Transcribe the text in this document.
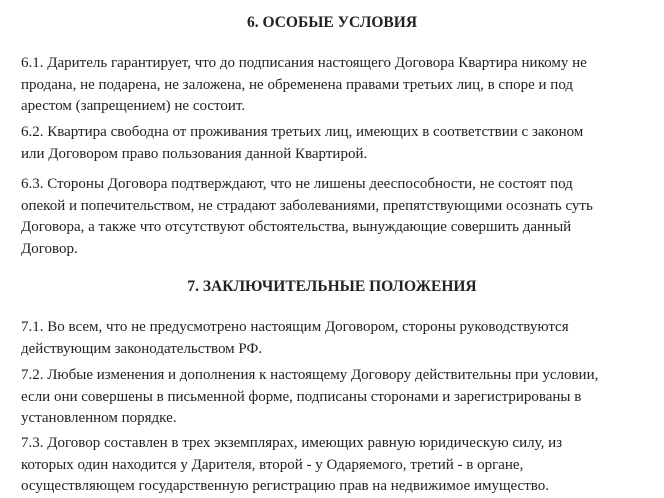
6. ОСОБЫЕ УСЛОВИЯ

6.1. Даритель гарантирует, что до подписания настоящего Договора Квартира никому не
продана, не подарена, не заложена, не обременена правами третьих лиц, в споре и под
арестом (запрещением) не состоит.

6.2. Квартира свободна от проживания третьих лиц, имеющих в соответствии с законом
или Договором право пользования данной Квартирой.

6.3. Стороны Договора подтверждают, что не лишены дееспособности, не состоят под
опекой и попечительством, не страдают заболеваниями, препятствующими осознать суть
Договора, а также что отсутствуют обстоятельства, вынуждающие совершить данный
Договор.

7. ЗАКЛЮЧИТЕЛЬНЫЕ ПОЛОЖЕНИЯ

7.1. Во всем, что не предусмотрено настоящим Договором, стороны руководствуются
действующим законодательством РФ.

7.2. Любые изменения и дополнения к настоящему Договору действительны при условии,
если они совершены в письменной форме, подписаны сторонами и зарегистрированы в
установленном порядке.

7.3. Договор составлен в трех экземплярах, имеющих равную юридическую силу, из
которых один находится у Дарителя, второй - у Одаряемого, третий - в органе,
осуществляющем государственную регистрацию прав на недвижимое имущество.
